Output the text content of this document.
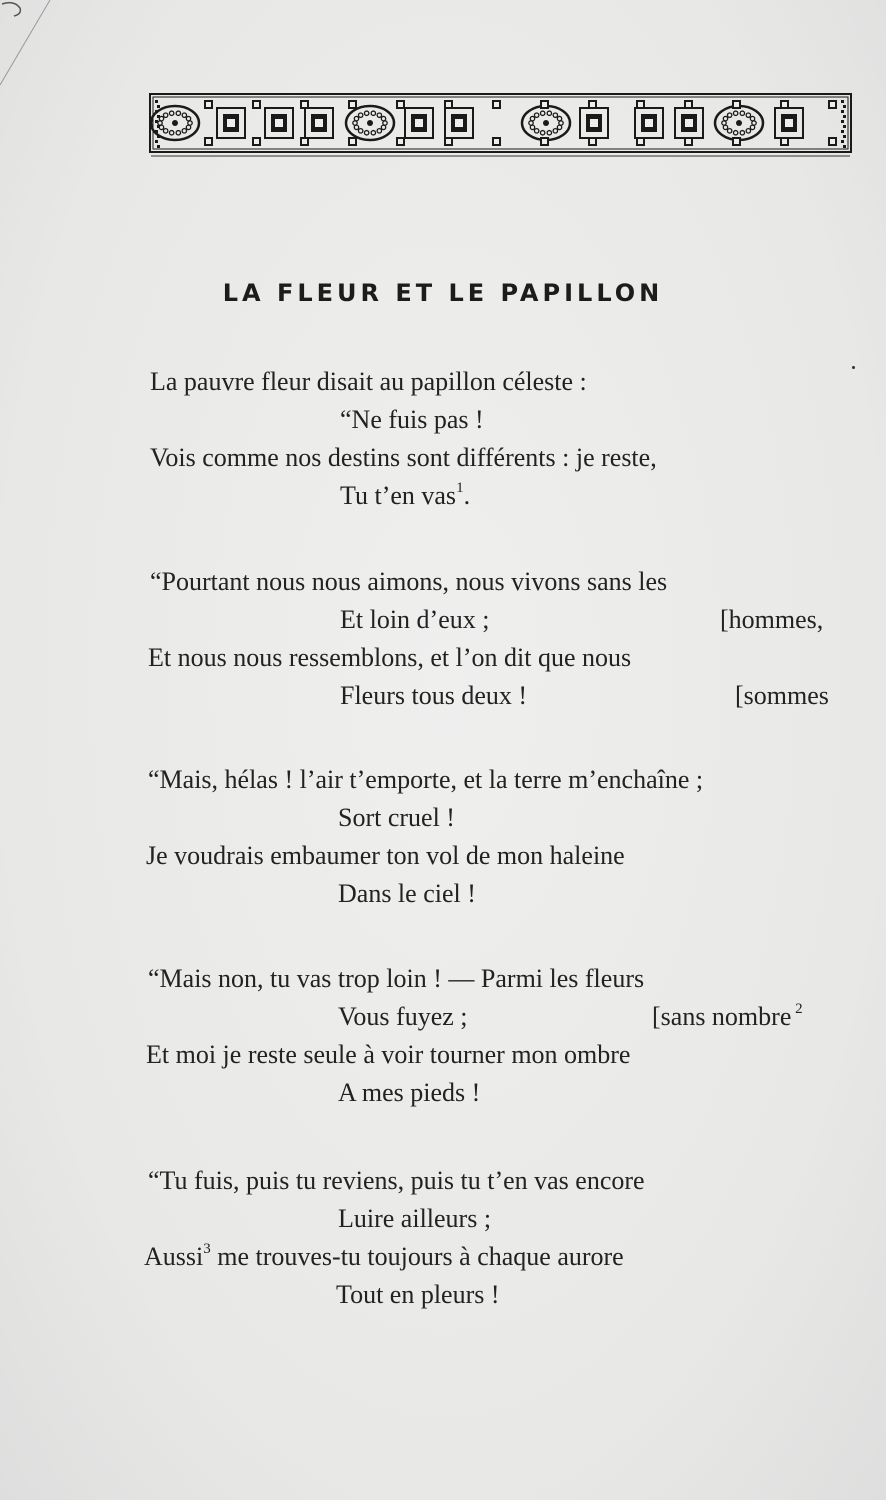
LA FLEUR ET LE PAPILLON
La pauvre fleur disait au papillon céleste :
“Ne fuis pas !
Vois comme nos destins sont différents : je reste,
Tu t’en vas$^1$.
“Pourtant nous nous aimons, nous vivons sans les
Et loin d’eux ;	[hommes,
Et nous nous ressemblons, et l’on dit que nous
Fleurs tous deux !	[sommes
“Mais, hélas ! l’air t’emporte, et la terre m’enchaîne ;
Sort cruel !
Je voudrais embaumer ton vol de mon haleine
Dans le ciel !
“Mais non, tu vas trop loin ! — Parmi les fleurs
Vous fuyez ;	[sans nombre $^2$
Et moi je reste seule à voir tourner mon ombre
A mes pieds !
“Tu fuis, puis tu reviens, puis tu t’en vas encore
Luire ailleurs ;
Aussi$^3$ me trouves-tu toujours à chaque aurore
Tout en pleurs !
